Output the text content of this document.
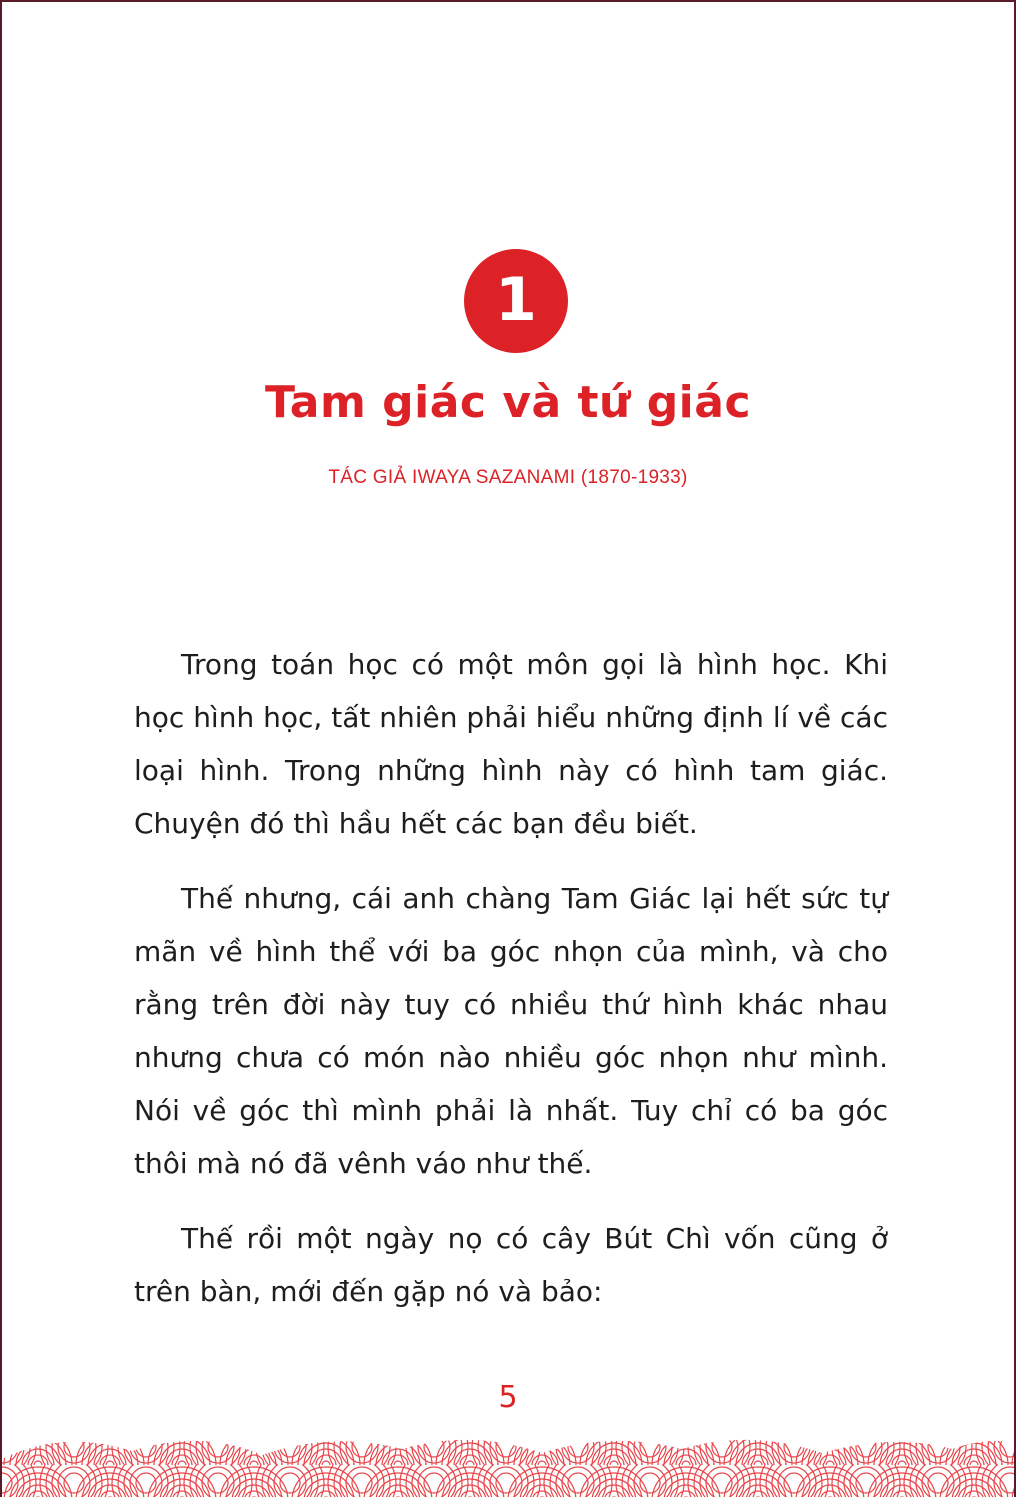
1
Tam giác và tứ giác
TÁC GIẢ IWAYA SAZANAMI (1870-1933)

Trong toán học có một môn gọi là hình học. Khi học hình học, tất nhiên phải hiểu những định lí về các loại hình. Trong những hình này có hình tam giác. Chuyện đó thì hầu hết các bạn đều biết.

Thế nhưng, cái anh chàng Tam Giác lại hết sức tự mãn về hình thể với ba góc nhọn của mình, và cho rằng trên đời này tuy có nhiều thứ hình khác nhau nhưng chưa có món nào nhiều góc nhọn như mình. Nói về góc thì mình phải là nhất. Tuy chỉ có ba góc thôi mà nó đã vênh váo như thế.

Thế rồi một ngày nọ có cây Bút Chì vốn cũng ở trên bàn, mới đến gặp nó và bảo:

5
